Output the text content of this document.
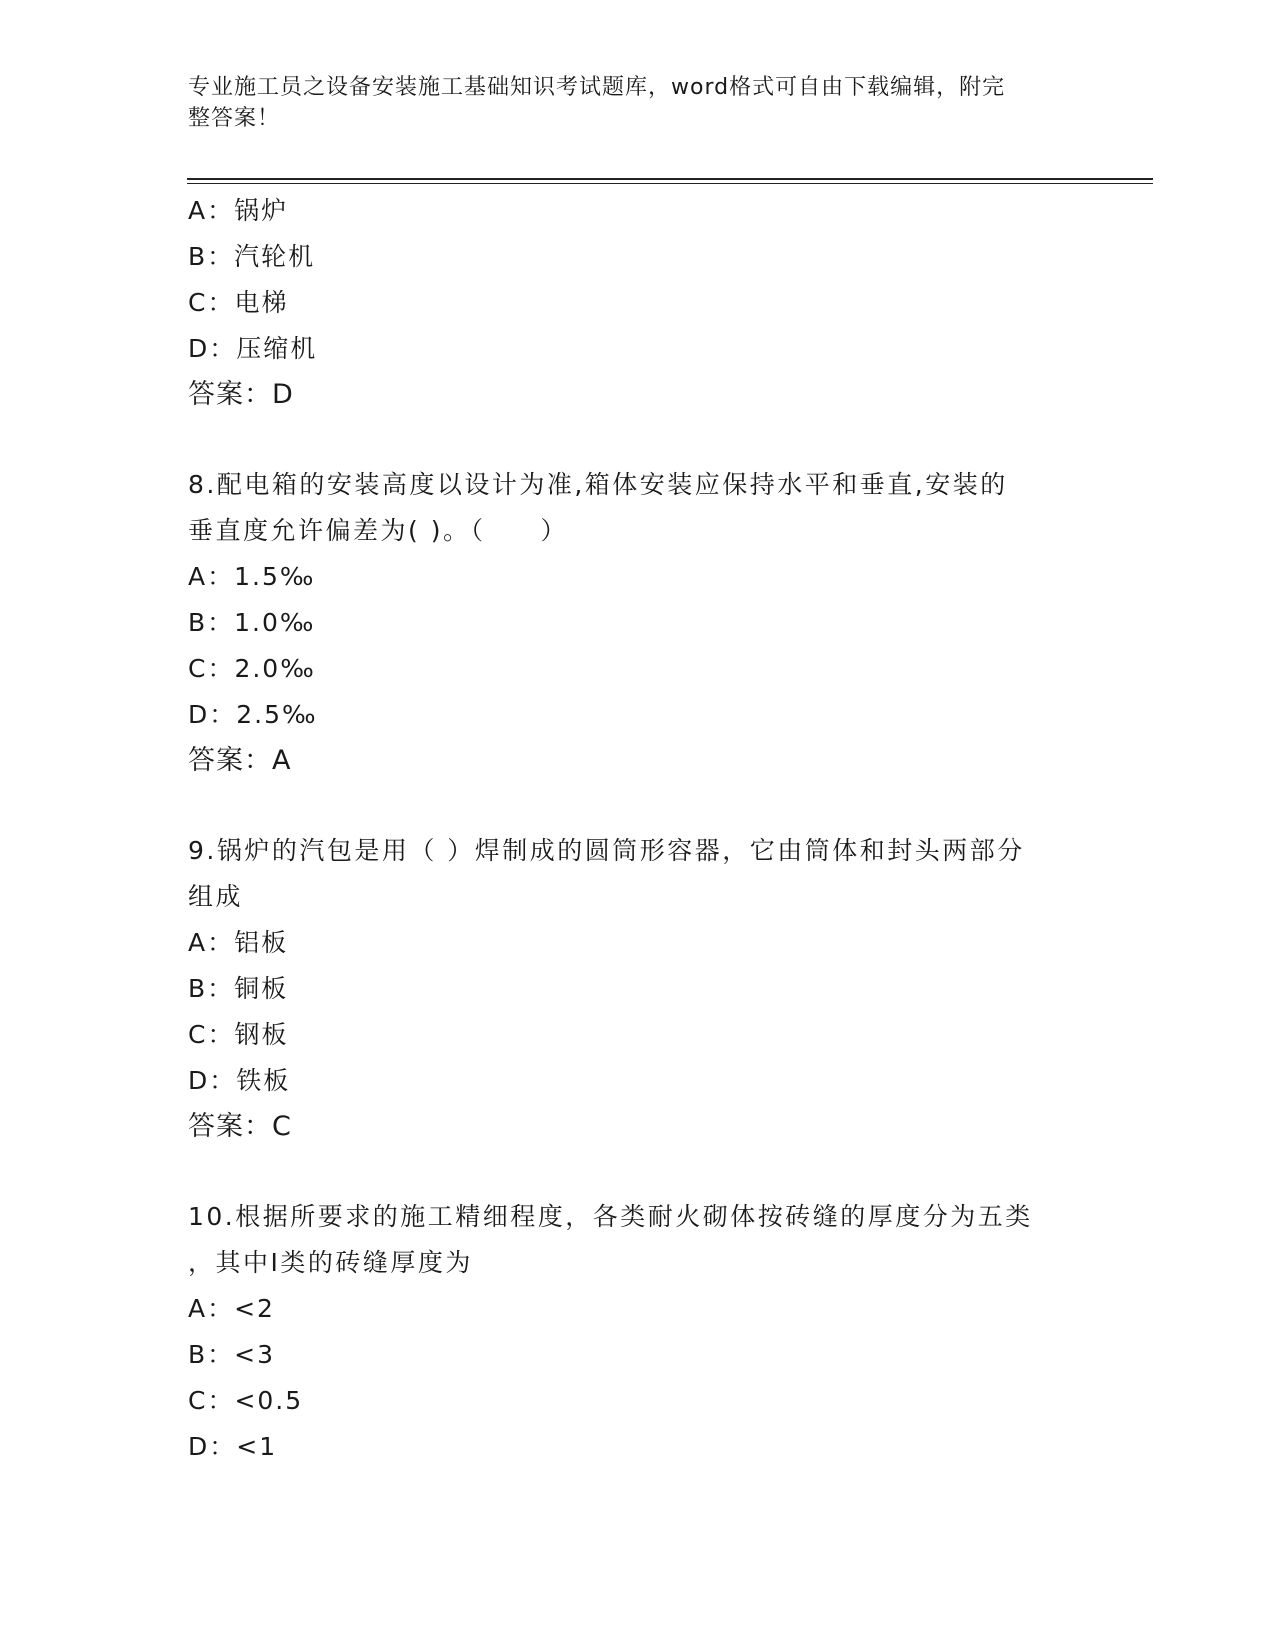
专业施工员之设备安装施工基础知识考试题库，word格式可自由下载编辑，附完
整答案！
A：锅炉
B：汽轮机
C：电梯
D：压缩机
答案：D
8.配电箱的安装高度以设计为准,箱体安装应保持水平和垂直,安装的
垂直度允许偏差为( )。（　　）
A：1.5‰
B：1.0‰
C：2.0‰
D：2.5‰
答案：A
9.锅炉的汽包是用（ ）焊制成的圆筒形容器，它由筒体和封头两部分
组成
A：铝板
B：铜板
C：钢板
D：铁板
答案：C
10.根据所要求的施工精细程度，各类耐火砌体按砖缝的厚度分为五类
，其中Ⅰ类的砖缝厚度为
A：<2
B：<3
C：<0.5
D：<1
